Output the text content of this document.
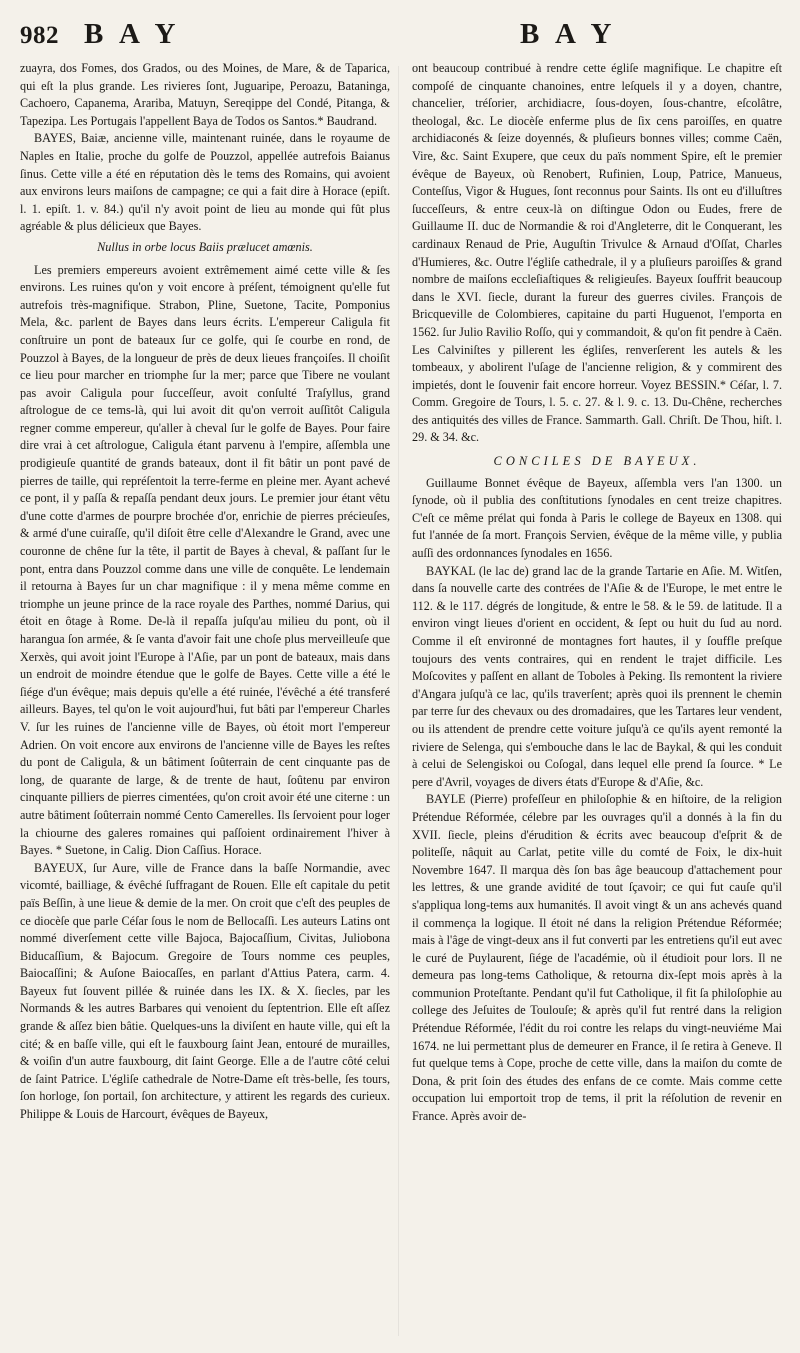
982 B A Y	B A Y

zuayra, dos Fomes, dos Grados, ou des Moines, de Mare, & de Taparica, qui eſt la plus grande. Les rivieres ſont, Juguaripe, Peroazu, Bataninga, Cachoero, Capanema, Arariba, Matuyn, Sereqippe del Condé, Pitanga, & Tapezipa. Les Portugais l'appellent Baya de Todos os Santos.* Baudrand.

BAYES, Baiæ, ancienne ville, maintenant ruinée, dans le royaume de Naples en Italie, proche du golfe de Pouzzol, appellée autrefois Baianus ſinus. Cette ville a été en réputation dès le tems des Romains, qui avoient aux environs leurs maiſons de campagne; ce qui a fait dire à Horace (epiſt. l. 1. epiſt. 1. v. 84.) qu'il n'y avoit point de lieu au monde qui fût plus agréable & plus délicieux que Bayes.

Nullus in orbe locus Baiis prælucet amœnis.

Les premiers empereurs avoient extrêmement aimé cette ville & ſes environs. Les ruines qu'on y voit encore à préſent, témoignent qu'elle fut autrefois très-magnifique. Strabon, Pline, Suetone, Tacite, Pomponius Mela, &c. parlent de Bayes dans leurs écrits. L'empereur Caligula fit conſtruire un pont de bateaux ſur ce golfe, qui ſe courbe en rond, de Pouzzol à Bayes, de la longueur de près de deux lieues françoiſes. Il choiſit ce lieu pour marcher en triomphe ſur la mer; parce que Tibere ne voulant pas avoir Caligula pour ſucceſſeur, avoit conſulté Traſyllus, grand aſtrologue de ce tems-là, qui lui avoit dit qu'on verroit auſſitôt Caligula regner comme empereur, qu'aller à cheval ſur le golfe de Bayes. Pour faire dire vrai à cet aſtrologue, Caligula étant parvenu à l'empire, aſſembla une prodigieuſe quantité de grands bateaux, dont il fit bâtir un pont pavé de pierres de taille, qui repréſentoit la terre-ferme en pleine mer. Ayant achevé ce pont, il y paſſa & repaſſa pendant deux jours. Le premier jour étant vêtu d'une cotte d'armes de pourpre brochée d'or, enrichie de pierres précieuſes, & armé d'une cuiraſſe, qu'il diſoit être celle d'Alexandre le Grand, avec une couronne de chêne ſur la tête, il partit de Bayes à cheval, & paſſant ſur le pont, entra dans Pouzzol comme dans une ville de conquête. Le lendemain il retourna à Bayes ſur un char magnifique : il y mena même comme en triomphe un jeune prince de la race royale des Parthes, nommé Darius, qui étoit en ôtage à Rome. De-là il repaſſa juſqu'au milieu du pont, où il harangua ſon armée, & ſe vanta d'avoir fait une choſe plus merveilleuſe que Xerxès, qui avoit joint l'Europe à l'Aſie, par un pont de bateaux, mais dans un endroit de moindre étendue que le golfe de Bayes. Cette ville a été le ſiége d'un évêque; mais depuis qu'elle a été ruinée, l'évêché a été transferé ailleurs. Bayes, tel qu'on le voit aujourd'hui, fut bâti par l'empereur Charles V. ſur les ruines de l'ancienne ville de Bayes, où étoit mort l'empereur Adrien. On voit encore aux environs de l'ancienne ville de Bayes les reſtes du pont de Caligula, & un bâtiment ſoûterrain de cent cinquante pas de long, de quarante de large, & de trente de haut, ſoûtenu par environ cinquante pilliers de pierres cimentées, qu'on croit avoir été une citerne : un autre bâtiment ſoûterrain nommé Cento Camerelles. Ils ſervoient pour loger la chiourne des galeres romaines qui paſſoient ordinairement l'hiver à Bayes. * Suetone, in Calig. Dion Caſſius. Horace.

BAYEUX, ſur Aure, ville de France dans la baſſe Normandie, avec vicomté, bailliage, & évêché ſuffragant de Rouen. Elle eſt capitale du petit païs Beſſin, à une lieue & demie de la mer. On croit que c'eſt des peuples de ce diocèſe que parle Céſar ſous le nom de Bellocaſſi. Les auteurs Latins ont nommé diverſement cette ville Bajoca, Bajocaſſium, Civitas, Juliobona Biducaſſium, & Bajocum. Gregoire de Tours nomme ces peuples, Baiocaſſini; & Auſone Baiocaſſes, en parlant d'Attius Patera, carm. 4. Bayeux fut ſouvent pillée & ruinée dans les IX. & X. ſiecles, par les Normands & les autres Barbares qui venoient du ſeptentrion. Elle eſt aſſez grande & aſſez bien bâtie. Quelques-uns la diviſent en haute ville, qui eſt la cité; & en baſſe ville, qui eſt le fauxbourg ſaint Jean, entouré de murailles, & voiſin d'un autre fauxbourg, dit ſaint George. Elle a de l'autre côté celui de ſaint Patrice. L'égliſe cathedrale de Notre-Dame eſt très-belle, ſes tours, ſon horloge, ſon portail, ſon architecture, y attirent les regards des curieux. Philippe & Louis de Harcourt, évêques de Bayeux,

ont beaucoup contribué à rendre cette égliſe magnifique. Le chapitre eſt compoſé de cinquante chanoines, entre leſquels il y a doyen, chantre, chancelier, tréſorier, archidiacre, ſous-doyen, ſous-chantre, eſcolâtre, theologal, &c. Le diocèſe enferme plus de ſix cens paroiſſes, en quatre archidiaconés & ſeize doyennés, & pluſieurs bonnes villes; comme Caën, Vire, &c. Saint Exupere, que ceux du païs nomment Spire, eſt le premier évêque de Bayeux, où Renobert, Rufinien, Loup, Patrice, Manueus, Conteſſus, Vigor & Hugues, ſont reconnus pour Saints. Ils ont eu d'illuſtres ſucceſſeurs, & entre ceux-là on diſtingue Odon ou Eudes, frere de Guillaume II. duc de Normandie & roi d'Angleterre, dit le Conquerant, les cardinaux Renaud de Prie, Auguſtin Trivulce & Arnaud d'Oſſat, Charles d'Humieres, &c. Outre l'égliſe cathedrale, il y a pluſieurs paroiſſes & grand nombre de maiſons eccleſiaſtiques & religieuſes. Bayeux ſouffrit beaucoup dans le XVI. ſiecle, durant la fureur des guerres civiles. François de Bricqueville de Colombieres, capitaine du parti Huguenot, l'emporta en 1562. ſur Julio Ravilio Roſſo, qui y commandoit, & qu'on fit pendre à Caën. Les Calviniſtes y pillerent les égliſes, renverſerent les autels & les tombeaux, y abolirent l'uſage de l'ancienne religion, & y commirent des impietés, dont le ſouvenir fait encore horreur. Voyez BESSIN.* Céſar, l. 7. Comm. Gregoire de Tours, l. 5. c. 27. & l. 9. c. 13. Du-Chêne, recherches des antiquités des villes de France. Sammarth. Gall. Chriſt. De Thou, hiſt. l. 29. & 34. &c.

CONCILES DE BAYEUX.

Guillaume Bonnet évêque de Bayeux, aſſembla vers l'an 1300. un ſynode, où il publia des conſtitutions ſynodales en cent treize chapitres. C'eſt ce même prélat qui fonda à Paris le college de Bayeux en 1308. qui fut l'année de ſa mort. François Servien, évêque de la même ville, y publia auſſi des ordonnances ſynodales en 1656.

BAYKAL (le lac de) grand lac de la grande Tartarie en Aſie. M. Witſen, dans ſa nouvelle carte des contrées de l'Aſie & de l'Europe, le met entre le 112. & le 117. dégrés de longitude, & entre le 58. & le 59. de latitude. Il a environ vingt lieues d'orient en occident, & ſept ou huit du ſud au nord. Comme il eſt environné de montagnes fort hautes, il y ſouffle preſque toujours des vents contraires, qui en rendent le trajet difficile. Les Moſcovites y paſſent en allant de Toboles à Peking. Ils remontent la riviere d'Angara juſqu'à ce lac, qu'ils traverſent; après quoi ils prennent le chemin par terre ſur des chevaux ou des dromadaires, que les Tartares leur vendent, ou ils attendent de prendre cette voiture juſqu'à ce qu'ils ayent remonté la riviere de Selenga, qui s'embouche dans le lac de Baykal, & qui les conduit à celui de Selengiskoi ou Coſogal, dans lequel elle prend ſa ſource. * Le pere d'Avril, voyages de divers états d'Europe & d'Aſie, &c.

BAYLE (Pierre) profeſſeur en philoſophie & en hiſtoire, de la religion Prétendue Réformée, célebre par les ouvrages qu'il a donnés à la fin du XVII. ſiecle, pleins d'érudition & écrits avec beaucoup d'eſprit & de politeſſe, nâquit au Carlat, petite ville du comté de Foix, le dix-huit Novembre 1647. Il marqua dès ſon bas âge beaucoup d'attachement pour les lettres, & une grande avidité de tout ſçavoir; ce qui fut cauſe qu'il s'appliqua long-tems aux humanités. Il avoit vingt & un ans achevés quand il commença la logique. Il étoit né dans la religion Prétendue Réformée; mais à l'âge de vingt-deux ans il fut converti par les entretiens qu'il eut avec le curé de Puylaurent, ſiége de l'académie, où il étudioit pour lors. Il ne demeura pas long-tems Catholique, & retourna dix-ſept mois après à la communion Proteſtante. Pendant qu'il fut Catholique, il fit ſa philoſophie au college des Jeſuites de Toulouſe; & après qu'il fut rentré dans la religion Prétendue Réformée, l'édit du roi contre les relaps du vingt-neuviéme Mai 1674. ne lui permettant plus de demeurer en France, il ſe retira à Geneve. Il fut quelque tems à Cope, proche de cette ville, dans la maiſon du comte de Dona, & prit ſoin des études des enfans de ce comte. Mais comme cette occupation lui emportoit trop de tems, il prit la réſolution de revenir en France. Après avoir de-
